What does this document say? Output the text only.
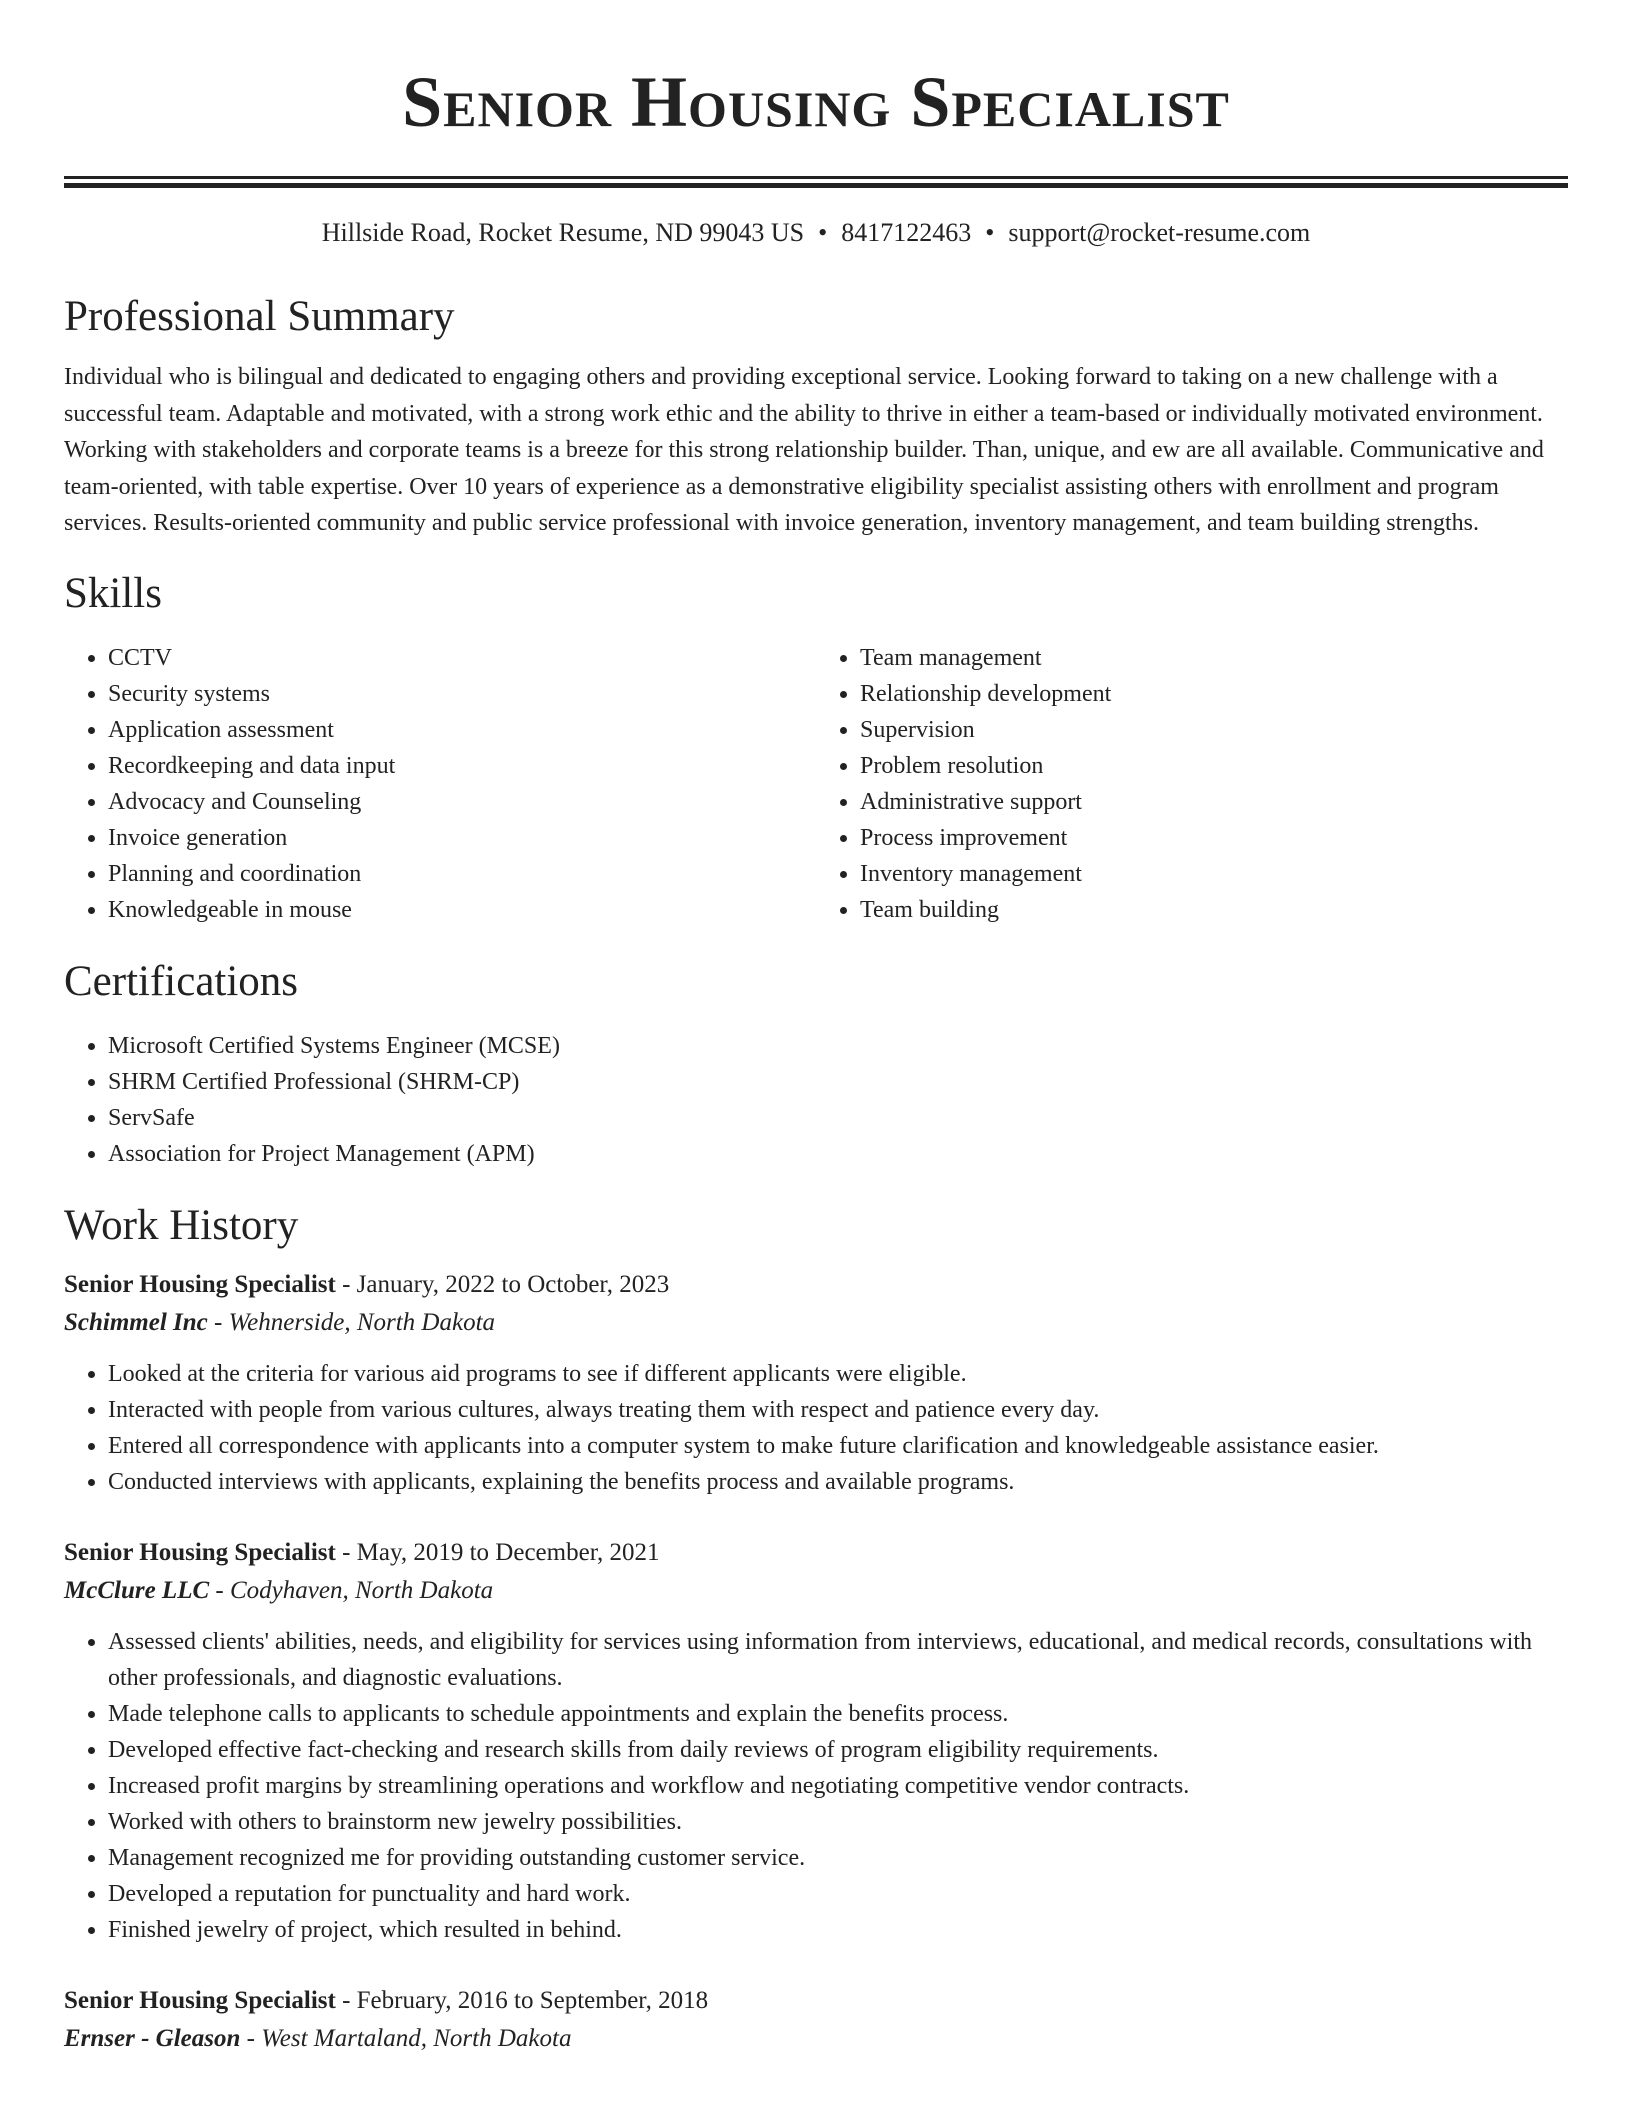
Senior Housing Specialist
Hillside Road, Rocket Resume, ND 99043 US • 8417122463 • support@rocket-resume.com
Professional Summary

Individual who is bilingual and dedicated to engaging others and providing exceptional service. Looking forward to taking on a new challenge with a successful team. Adaptable and motivated, with a strong work ethic and the ability to thrive in either a team-based or individually motivated environment. Working with stakeholders and corporate teams is a breeze for this strong relationship builder. Than, unique, and ew are all available. Communicative and team-oriented, with table expertise. Over 10 years of experience as a demonstrative eligibility specialist assisting others with enrollment and program services. Results-oriented community and public service professional with invoice generation, inventory management, and team building strengths.

Skills
• CCTV
• Security systems
• Application assessment
• Recordkeeping and data input
• Advocacy and Counseling
• Invoice generation
• Planning and coordination
• Knowledgeable in mouse
• Team management
• Relationship development
• Supervision
• Problem resolution
• Administrative support
• Process improvement
• Inventory management
• Team building
Certifications
• Microsoft Certified Systems Engineer (MCSE)
• SHRM Certified Professional (SHRM-CP)
• ServSafe
• Association for Project Management (APM)
Work History
Senior Housing Specialist - January, 2022 to October, 2023
Schimmel Inc - Wehnerside, North Dakota
• Looked at the criteria for various aid programs to see if different applicants were eligible.
• Interacted with people from various cultures, always treating them with respect and patience every day.
• Entered all correspondence with applicants into a computer system to make future clarification and knowledgeable assistance easier.
• Conducted interviews with applicants, explaining the benefits process and available programs.
Senior Housing Specialist - May, 2019 to December, 2021
McClure LLC - Codyhaven, North Dakota
• Assessed clients' abilities, needs, and eligibility for services using information from interviews, educational, and medical records, consultations with other professionals, and diagnostic evaluations.
• Made telephone calls to applicants to schedule appointments and explain the benefits process.
• Developed effective fact-checking and research skills from daily reviews of program eligibility requirements.
• Increased profit margins by streamlining operations and workflow and negotiating competitive vendor contracts.
• Worked with others to brainstorm new jewelry possibilities.
• Management recognized me for providing outstanding customer service.
• Developed a reputation for punctuality and hard work.
• Finished jewelry of project, which resulted in behind.
Senior Housing Specialist - February, 2016 to September, 2018
Ernser - Gleason - West Martaland, North Dakota
